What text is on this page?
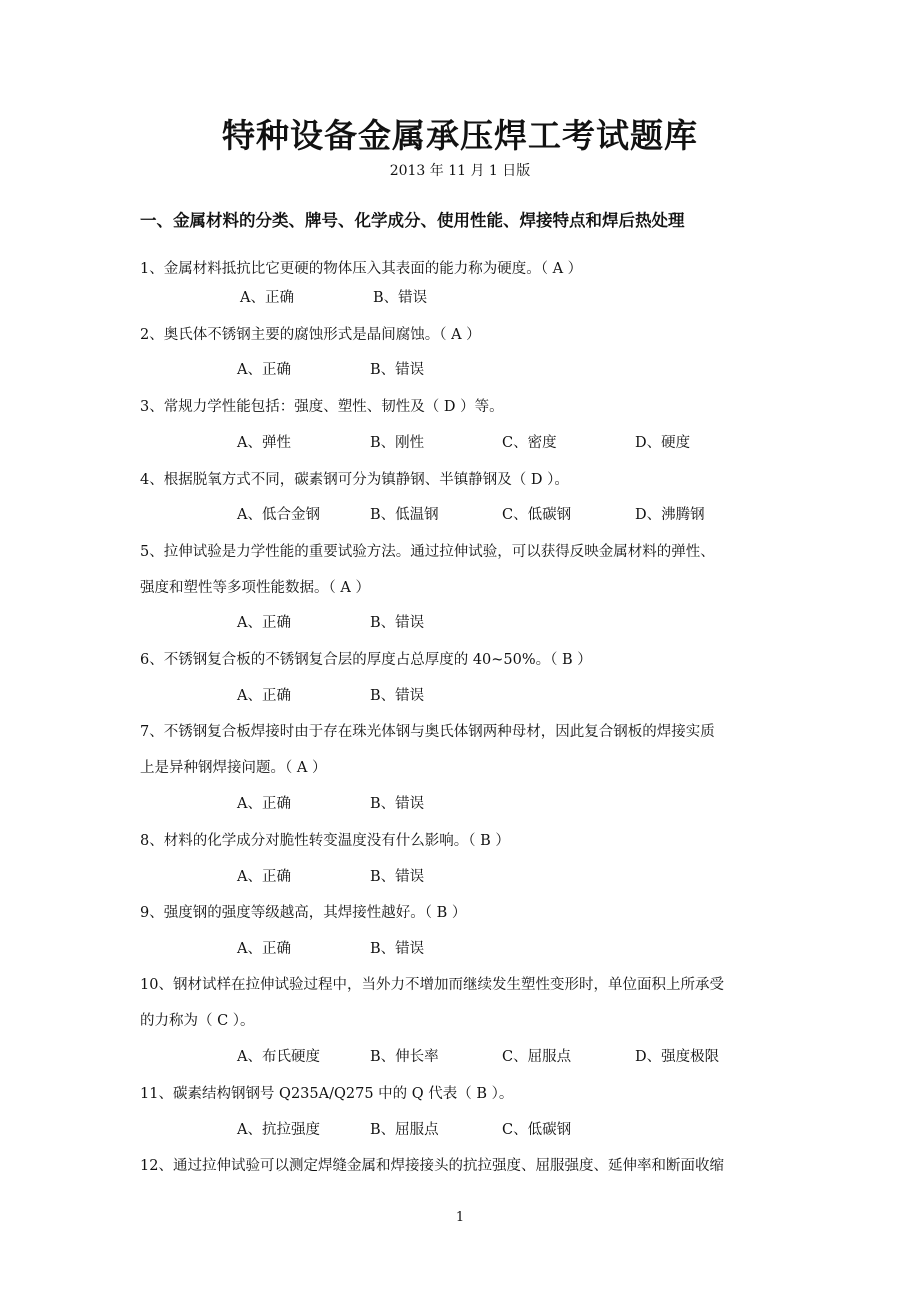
特种设备金属承压焊工考试题库
2013 年 11 月 1 日版
一、金属材料的分类、牌号、化学成分、使用性能、焊接特点和焊后热处理
1、金属材料抵抗比它更硬的物体压入其表面的能力称为硬度。（ A ）
A、正确	B、错误
2、奥氏体不锈钢主要的腐蚀形式是晶间腐蚀。（ A ）
A、正确	B、错误
3、常规力学性能包括：强度、塑性、韧性及（ D ）等。
A、弹性	B、刚性	C、密度	D、硬度
4、根据脱氧方式不同，碳素钢可分为镇静钢、半镇静钢及（ D ）。
A、低合金钢	B、低温钢	C、低碳钢	D、沸腾钢
5、拉伸试验是力学性能的重要试验方法。通过拉伸试验，可以获得反映金属材料的弹性、
强度和塑性等多项性能数据。（ A ）
A、正确	B、错误
6、不锈钢复合板的不锈钢复合层的厚度占总厚度的 40~50%。（ B ）
A、正确	B、错误
7、不锈钢复合板焊接时由于存在珠光体钢与奥氏体钢两种母材，因此复合钢板的焊接实质
上是异种钢焊接问题。（ A ）
A、正确	B、错误
8、材料的化学成分对脆性转变温度没有什么影响。（ B ）
A、正确	B、错误
9、强度钢的强度等级越高，其焊接性越好。（ B ）
A、正确	B、错误
10、钢材试样在拉伸试验过程中，当外力不增加而继续发生塑性变形时，单位面积上所承受
的力称为（ C ）。
A、布氏硬度	B、伸长率	C、屈服点	D、强度极限
11、碳素结构钢钢号 Q235A/Q275 中的 Q 代表（ B ）。
A、抗拉强度	B、屈服点	C、低碳钢
12、通过拉伸试验可以测定焊缝金属和焊接接头的抗拉强度、屈服强度、延伸率和断面收缩
1
